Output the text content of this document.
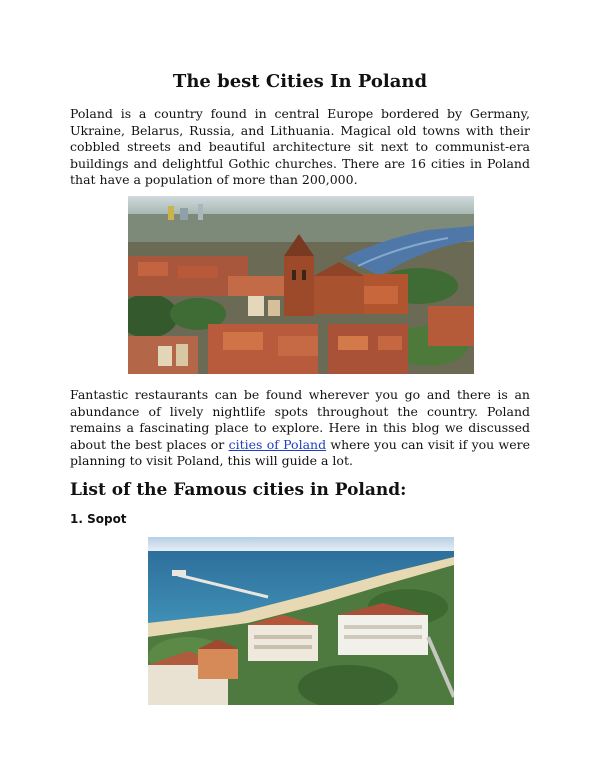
The best Cities In Poland
Poland is a country found in central Europe bordered by Germany, Ukraine, Belarus, Russia, and Lithuania. Magical old towns with their cobbled streets and beautiful architecture sit next to communist-era buildings and delightful Gothic churches. There are 16 cities in Poland that have a population of more than 200,000.
Fantastic restaurants can be found wherever you go and there is an abundance of lively nightlife spots throughout the country. Poland remains a fascinating place to explore. Here in this blog we discussed about the best places or cities of Poland where you can visit if you were planning to visit Poland, this will guide a lot.
List of the Famous cities in Poland:
1. Sopot
